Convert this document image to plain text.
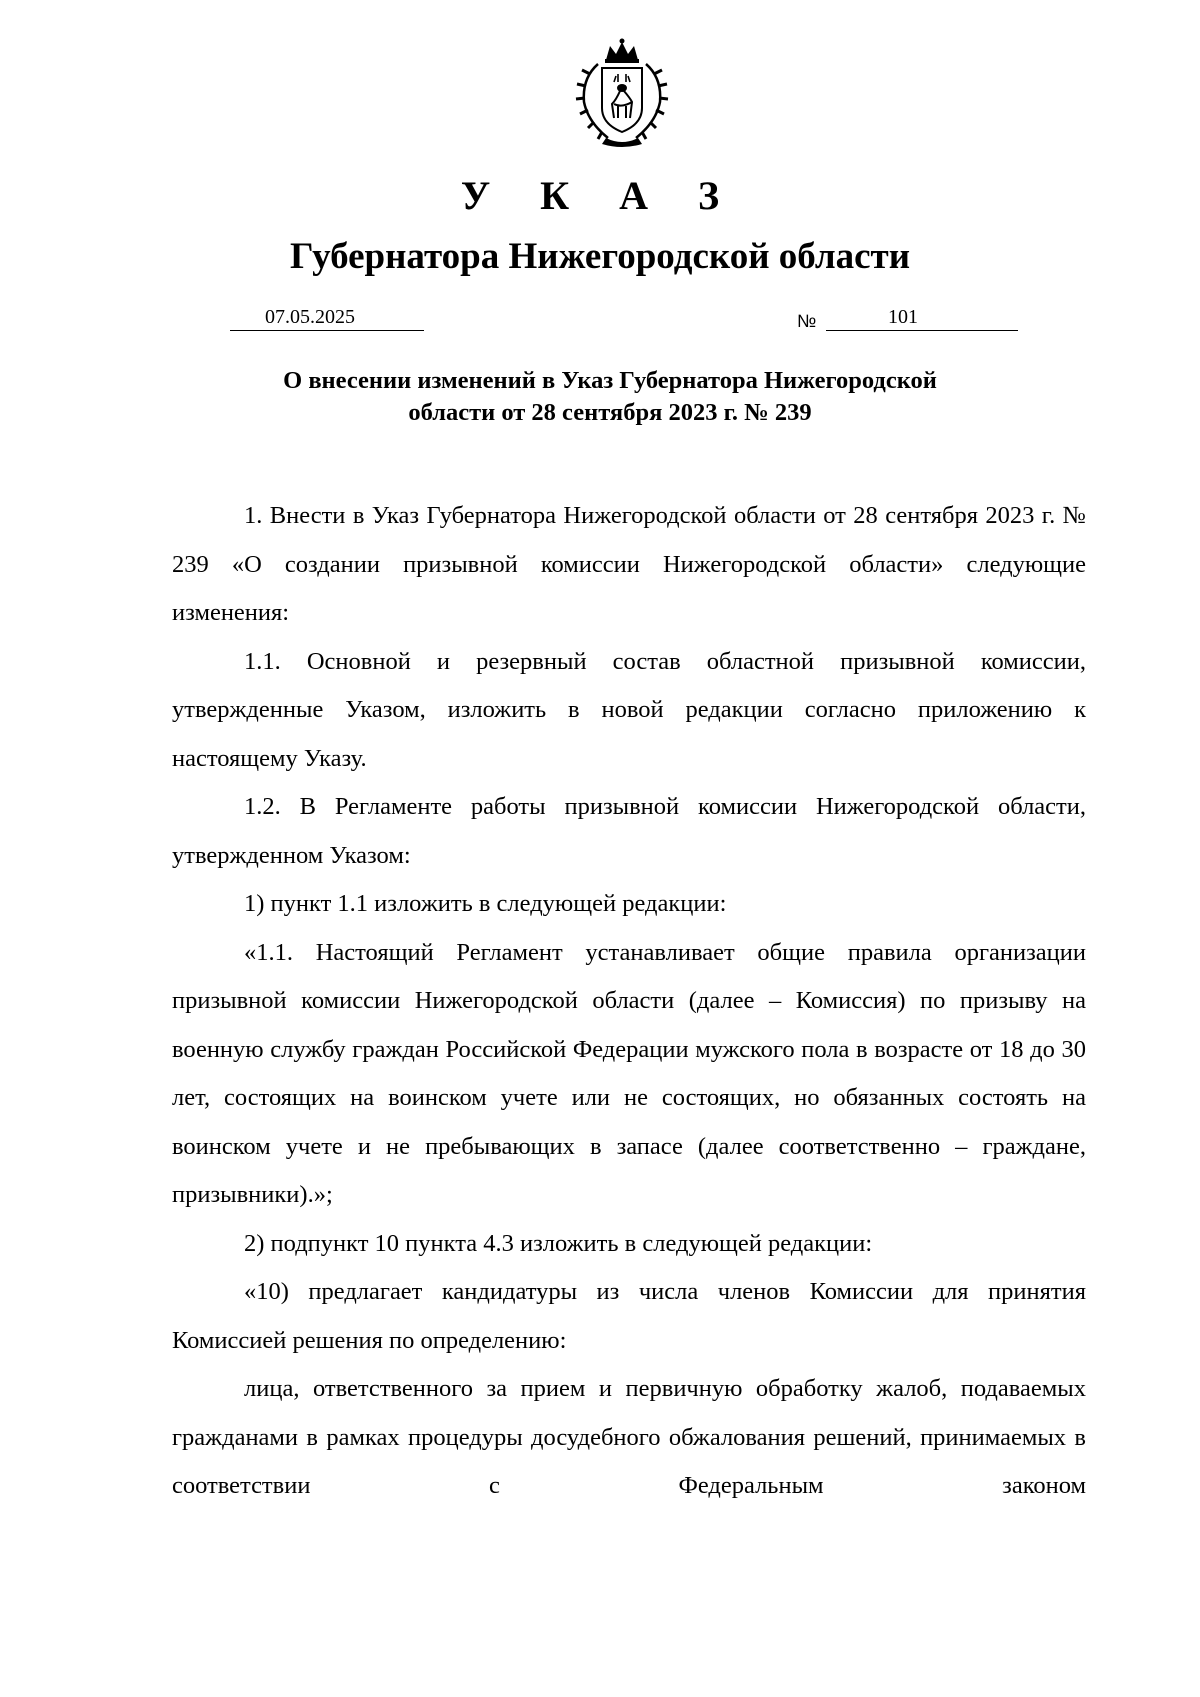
У К А З
Губернатора Нижегородской области
07.05.2025	№	101
О внесении изменений в Указ Губернатора Нижегородской
области от 28 сентября 2023 г. № 239

1. Внести в Указ Губернатора Нижегородской области от 28 сентября 2023 г. № 239 «О создании призывной комиссии Нижегородской области» следующие изменения:

1.1. Основной и резервный состав областной призывной комиссии, утвержденные Указом, изложить в новой редакции согласно приложению к настоящему Указу.

1.2. В Регламенте работы призывной комиссии Нижегородской области, утвержденном Указом:

1) пункт 1.1 изложить в следующей редакции:

«1.1. Настоящий Регламент устанавливает общие правила организации призывной комиссии Нижегородской области (далее – Комиссия) по призыву на военную службу граждан Российской Федерации мужского пола в возрасте от 18 до 30 лет, состоящих на воинском учете или не состоящих, но обязанных состоять на воинском учете и не пребывающих в запасе (далее соответственно – граждане, призывники).»;

2) подпункт 10 пункта 4.3 изложить в следующей редакции:

«10) предлагает кандидатуры из числа членов Комиссии для принятия Комиссией решения по определению:

лица, ответственного за прием и первичную обработку жалоб, подаваемых гражданами в рамках процедуры досудебного обжалования решений, принимаемых в соответствии с Федеральным законом
